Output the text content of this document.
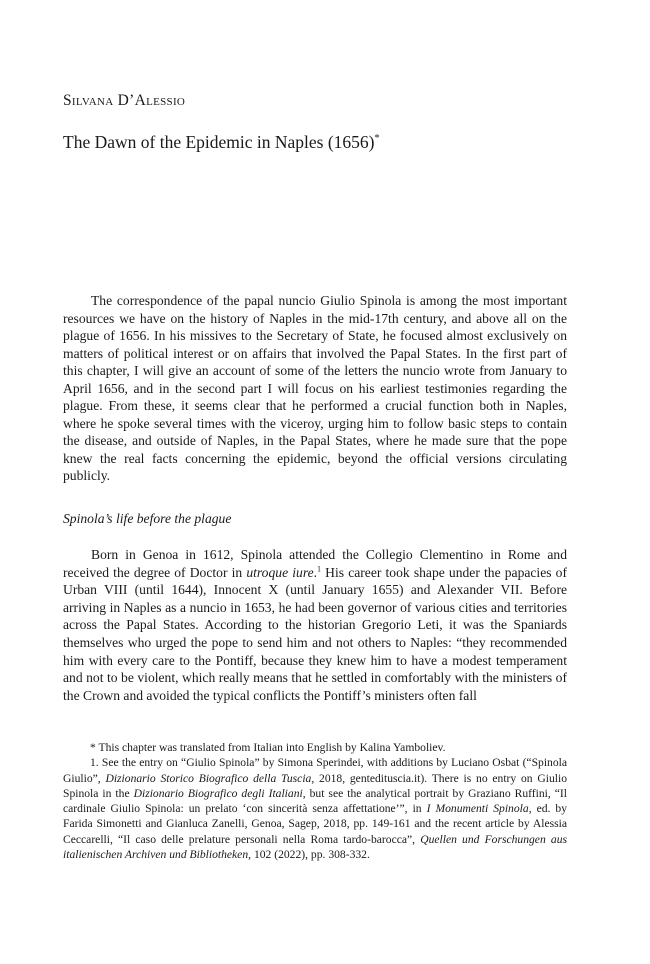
Silvana D’Alessio
The Dawn of the Epidemic in Naples (1656)*

The correspondence of the papal nuncio Giulio Spinola is among the most important resources we have on the history of Naples in the mid-17th century, and above all on the plague of 1656. In his missives to the Secretary of State, he focused almost exclusively on matters of political interest or on affairs that involved the Papal States. In the first part of this chapter, I will give an account of some of the letters the nuncio wrote from January to April 1656, and in the second part I will focus on his earliest testimonies regarding the plague. From these, it seems clear that he performed a crucial function both in Naples, where he spoke several times with the viceroy, urging him to follow basic steps to contain the disease, and outside of Naples, in the Papal States, where he made sure that the pope knew the real facts concerning the epidemic, beyond the official versions circulating publicly.

Spinola’s life before the plague

Born in Genoa in 1612, Spinola attended the Collegio Clementino in Rome and received the degree of Doctor in utroque iure.$^1$ His career took shape under the papacies of Urban VIII (until 1644), Innocent X (until January 1655) and Alexander VII. Before arriving in Naples as a nuncio in 1653, he had been governor of various cities and territories across the Papal States. According to the historian Gregorio Leti, it was the Spaniards themselves who urged the pope to send him and not others to Naples: “they recommended him with every care to the Pontiff, because they knew him to have a modest temperament and not to be violent, which really means that he settled in comfortably with the ministers of the Crown and avoided the typical conflicts the Pontiff’s ministers often fall

* This chapter was translated from Italian into English by Kalina Yamboliev.

1. See the entry on “Giulio Spinola” by Simona Sperindei, with additions by Luciano Osbat (“Spinola Giulio”, Dizionario Storico Biografico della Tuscia, 2018, gentedituscia.it). There is no entry on Giulio Spinola in the Dizionario Biografico degli Italiani, but see the analytical portrait by Graziano Ruffini, “Il cardinale Giulio Spinola: un prelato ‘con sincerità senza affettatione’”, in I Monumenti Spinola, ed. by Farida Simonetti and Gianluca Zanelli, Genoa, Sagep, 2018, pp. 149-161 and the recent article by Alessia Ceccarelli, “Il caso delle prelature personali nella Roma tardo-barocca”, Quellen und Forschungen aus italienischen Archiven und Bibliotheken, 102 (2022), pp. 308-332.
